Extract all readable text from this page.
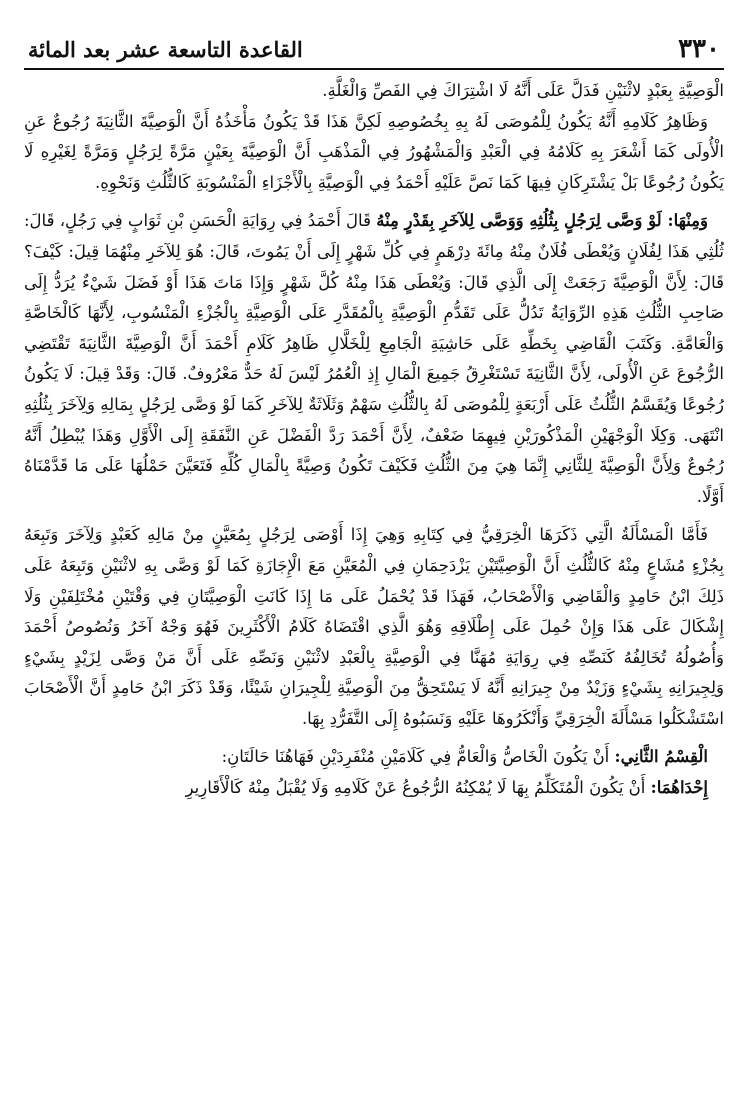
٣٣٠
القاعدة التاسعة عشر بعد المائة

الْوَصِيَّةِ بِعَبْدٍ لاثْنَيْنِ فَدَلَّ عَلَى أَنَّهُ لَا اشْتِرَاكَ فِي الفَصِّ وَالْغَلَّةِ.

وَظَاهِرُ كَلَامِهِ أَنَّهُ يَكُونُ لِلْمُوصَى لَهُ بِهِ بِخُصُوصِهِ لَكِنَّ هَذَا قَدْ يَكُونُ مَأْخَذُهُ أَنَّ الْوَصِيَّةَ الثَّانِيَةَ رُجُوعٌ عَنِ الْأُولَى كَمَا أَشْعَرَ بِهِ كَلَامُهُ فِي الْعَبْدِ وَالْمَشْهُورُ فِي الْمَذْهَبِ أَنَّ الْوَصِيَّةَ بِعَيْنٍ مَرَّةً لِرَجُلٍ وَمَرَّةً لِغَيْرِهِ لَا يَكُونُ رُجُوعًا بَلْ يَشْتَرِكَانِ فِيهَا كَمَا نَصَّ عَلَيْهِ أَحْمَدُ فِي الْوَصِيَّةِ بِالْأَجْزَاءِ الْمَنْسُوبَةِ كَالثُّلُثِ وَنَحْوِهِ.

وَمِنْهَا: لَوْ وَصَّى لِرَجُلٍ بِثُلُثِهِ وَوَصَّى لِلآخَرِ بِقَدْرٍ مِنْهُ قَالَ أَحْمَدُ فِي رِوَايَةِ الْحَسَنِ بْنِ ثَوَابٍ فِي رَجُلٍ، قَالَ: ثُلُثِي هَذَا لِفُلَانٍ وَيُعْطَى فُلَانٌ مِنْهُ مِائَةَ دِرْهَمٍ فِي كُلِّ شَهْرٍ إِلَى أَنْ يَمُوتَ، قَالَ: هُوَ لِلآخَرِ مِنْهُمَا قِيلَ: كَيْفَ؟ قَالَ: لِأَنَّ الْوَصِيَّةَ رَجَعَتْ إِلَى الَّذِي قَالَ: وَيُعْطَى هَذَا مِنْهُ كُلَّ شَهْرٍ وَإِذَا مَاتَ هَذَا أَوْ فَضَلَ شَيْءٌ يُرَدُّ إِلَى صَاحِبِ الثُّلُثِ هَذِهِ الرِّوَايَةُ تَدُلُّ عَلَى تَقَدُّمِ الْوَصِيَّةِ بِالْمُقَدَّرِ عَلَى الْوَصِيَّةِ بِالْجُزْءِ الْمَنْسُوبِ، لِأَنَّهَا كَالْخَاصَّةِ وَالْعَامَّةِ. وَكَتَبَ الْقَاضِي بِخَطِّهِ عَلَى حَاشِيَةِ الْجَامِعِ لِلْخَلَّالِ ظَاهِرُ كَلَامِ أَحْمَدَ أَنَّ الْوَصِيَّةَ الثَّانِيَةَ تَقْتَضِي الرُّجُوعَ عَنِ الْأُولَى، لِأَنَّ الثَّانِيَةَ تَسْتَغْرِقُ جَمِيعَ الْمَالِ إِذِ الْعُمُرُ لَيْسَ لَهُ حَدٌّ مَعْرُوفٌ. قَالَ: وَقَدْ قِيلَ: لَا يَكُونُ رُجُوعًا وَيُقَسَّمُ الثُّلُثُ عَلَى أَرْبَعَةٍ لِلْمُوصَى لَهُ بِالثُّلُثِ سَهْمٌ وَثَلَاثَةٌ لِلآخَرِ كَمَا لَوْ وَصَّى لِرَجُلٍ بِمَالِهِ وَلِآخَرَ بِثُلُثِهِ انْتَهَى. وَكِلَا الْوَجْهَيْنِ الْمَذْكُورَيْنِ فِيهِمَا ضَعْفٌ، لِأَنَّ أَحْمَدَ رَدَّ الْفَضْلَ عَنِ النَّفَقَةِ إِلَى الْأَوَّلِ وَهَذَا يُبْطِلُ أَنَّهُ رُجُوعٌ وَلِأَنَّ الْوَصِيَّةَ لِلثَّانِي إِنَّمَا هِيَ مِنَ الثُّلُثِ فَكَيْفَ تَكُونُ وَصِيَّةً بِالْمَالِ كُلِّهِ فَتَعَيَّنَ حَمْلُهَا عَلَى مَا قَدَّمْنَاهُ أَوَّلًا.

فَأَمَّا الْمَسْأَلَةُ الَّتِي ذَكَرَهَا الْخِرَقِيُّ فِي كِتَابِهِ وَهِيَ إِذَا أَوْصَى لِرَجُلٍ بِمُعَيَّنٍ مِنْ مَالِهِ كَعَبْدٍ وَلِآخَرَ وَتَبِعَهُ بِجُزْءٍ مُشَاعٍ مِنْهُ كَالثُّلُثِ أَنَّ الْوَصِيَّتَيْنِ يَزْدَحِمَانِ فِي الْمُعَيَّنِ مَعَ الْإِجَازَةِ كَمَا لَوْ وَصَّى بِهِ لاثْنَيْنِ وَتَبِعَهُ عَلَى ذَلِكَ ابْنُ حَامِدٍ وَالْقَاضِي وَالْأَصْحَابُ، فَهَذَا قَدْ يُحْمَلُ عَلَى مَا إِذَا كَانَتِ الْوَصِيَّتَانِ فِي وَقْتَيْنِ مُخْتَلِفَيْنِ وَلَا إِشْكَالَ عَلَى هَذَا وَإِنْ حُمِلَ عَلَى إِطْلَاقِهِ وَهُوَ الَّذِي اقْتَضَاهُ كَلَامُ الْأَكْثَرِينَ فَهُوَ وَجْهٌ آخَرُ وَنُصُوصُ أَحْمَدَ وَأُصُولُهُ تُخَالِفُهُ كَنَصِّهِ فِي رِوَايَةِ مُهَنَّا فِي الْوَصِيَّةِ بِالْعَبْدِ لاثْنَيْنِ وَنَصِّهِ عَلَى أَنَّ مَنْ وَصَّى لِزَيْدٍ بِشَيْءٍ وَلِجِيرَانِهِ بِشَيْءٍ وَزَيْدٌ مِنْ جِيرَانِهِ أَنَّهُ لَا يَسْتَحِقُّ مِنَ الْوَصِيَّةِ لِلْجِيرَانِ شَيْئًا، وَقَدْ ذَكَرَ ابْنُ حَامِدٍ أَنَّ الْأَصْحَابَ اسْتَشْكَلُوا مَسْأَلَةَ الْخِرَقِيِّ وَأَنْكَرُوهَا عَلَيْهِ وَنَسَبُوهُ إِلَى التَّفَرُّدِ بِهَا.

الْقِسْمُ الثَّانِي: أَنْ يَكُونَ الْخَاصُّ وَالْعَامُّ فِي كَلَامَيْنِ مُنْفَرِدَيْنِ فَهَاهُنَا حَالَتَانِ:

إِحْدَاهُمَا: أَنْ يَكُونَ الْمُتَكَلِّمُ بِهَا لَا يُمْكِنُهُ الرُّجُوعُ عَنْ كَلَامِهِ وَلَا يُقْبَلُ مِنْهُ كَالْأَقَارِيرِ
